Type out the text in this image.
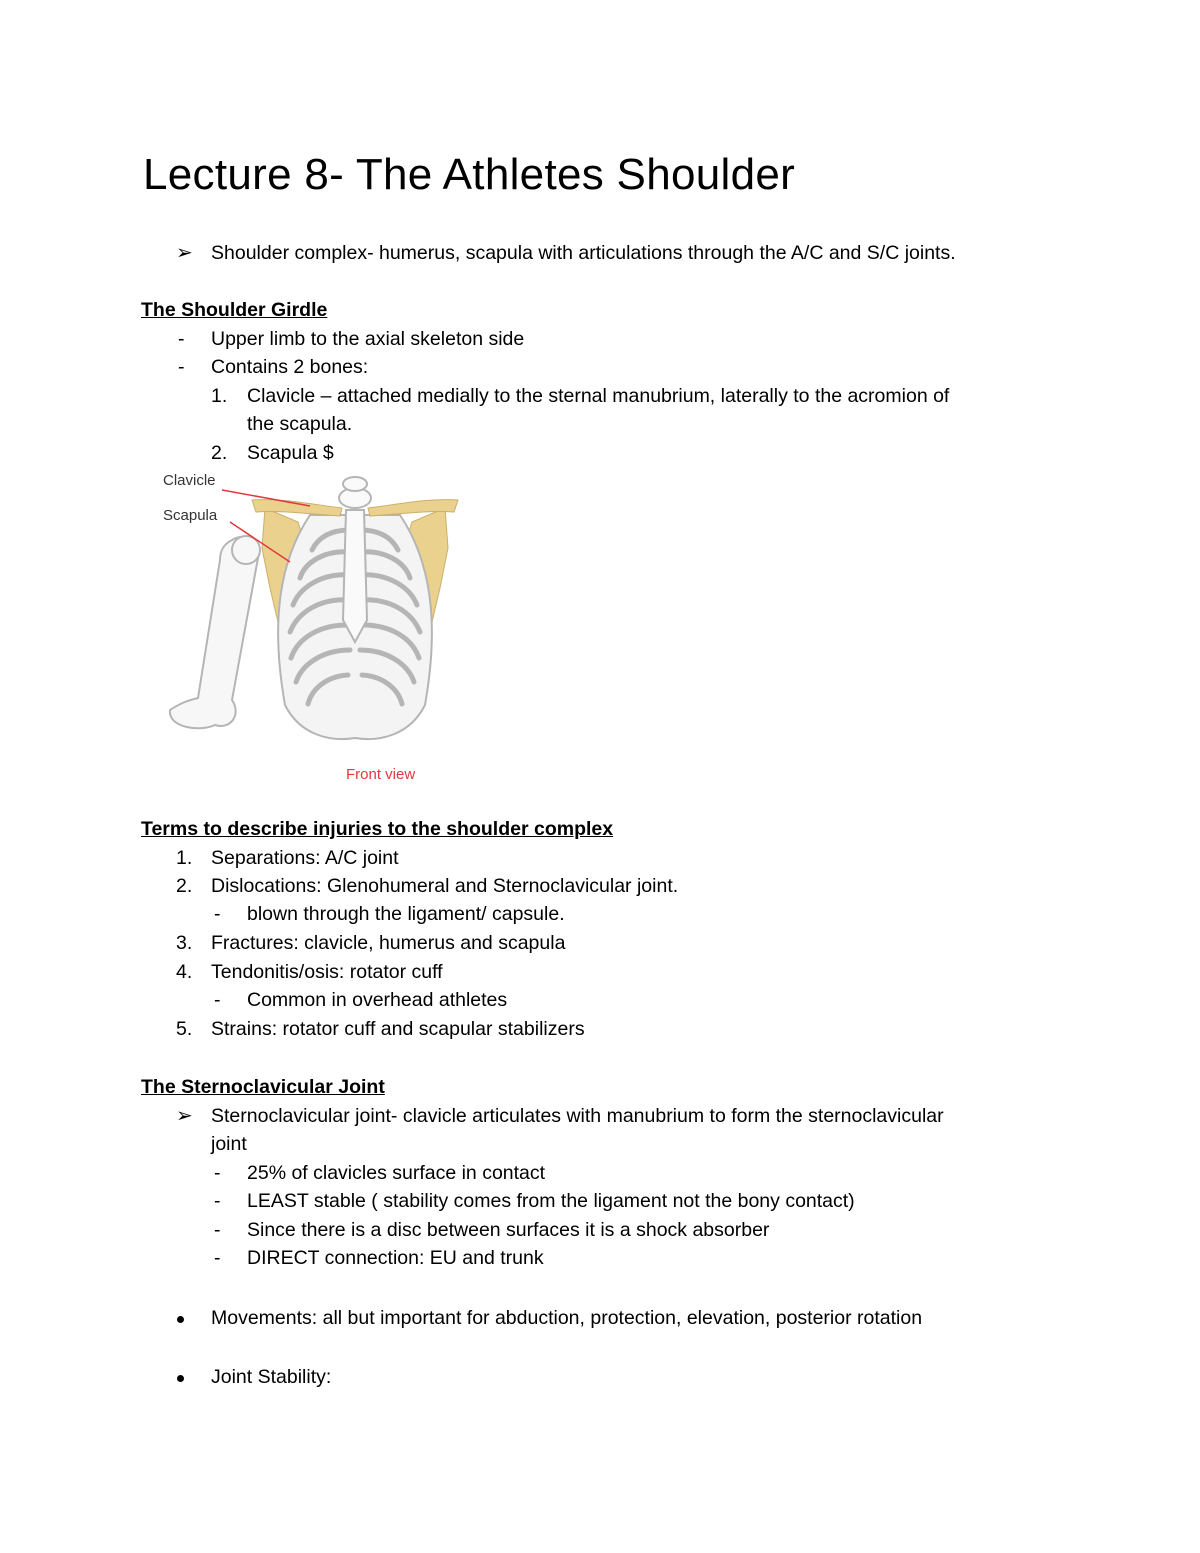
Lecture 8- The Athletes Shoulder
➢ Shoulder complex- humerus, scapula with articulations through the A/C and S/C joints.
The Shoulder Girdle
- Upper limb to the axial skeleton side
- Contains 2 bones:
1. Clavicle – attached medially to the sternal manubrium, laterally to the acromion of
the scapula.
2. Scapula $
Clavicle
Scapula
Front view
Terms to describe injuries to the shoulder complex
1. Separations: A/C joint
2. Dislocations: Glenohumeral and Sternoclavicular joint.
- blown through the ligament/ capsule.
3. Fractures: clavicle, humerus and scapula
4. Tendonitis/osis: rotator cuff
- Common in overhead athletes
5. Strains: rotator cuff and scapular stabilizers
The Sternoclavicular Joint
➢ Sternoclavicular joint- clavicle articulates with manubrium to form the sternoclavicular
joint
- 25% of clavicles surface in contact
- LEAST stable ( stability comes from the ligament not the bony contact)
- Since there is a disc between surfaces it is a shock absorber
- DIRECT connection: EU and trunk
Movements: all but important for abduction, protection, elevation, posterior rotation
Joint Stability:
